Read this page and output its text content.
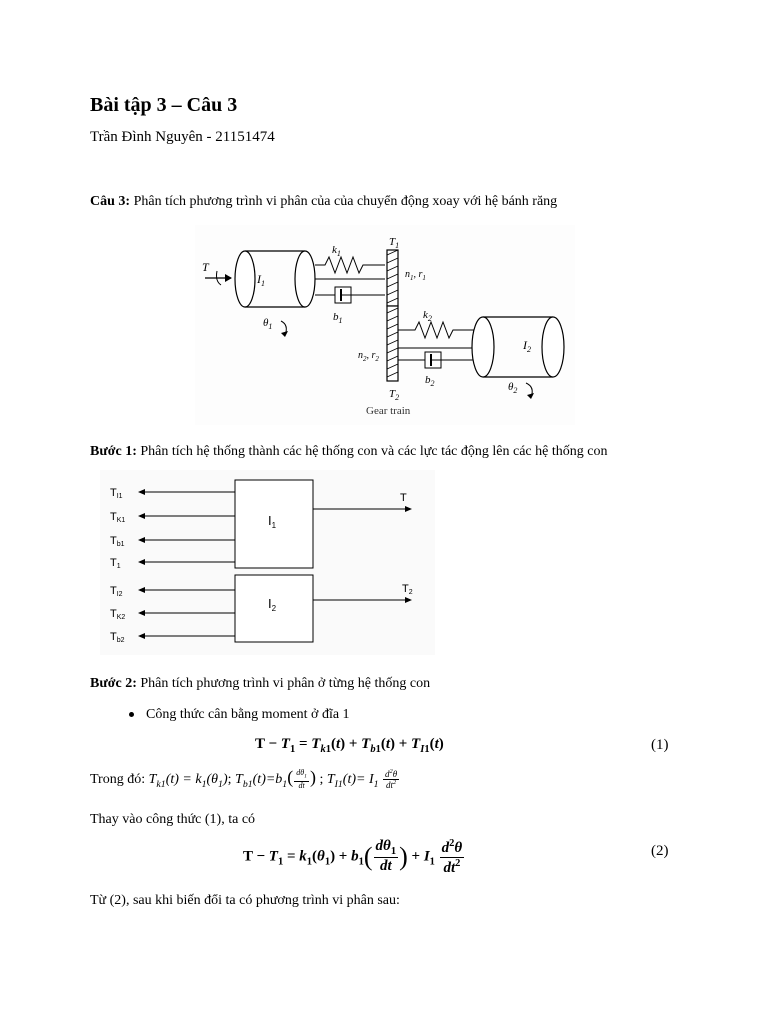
Bài tập 3 – Câu 3
Trần Đình Nguyên - 21151474
Câu 3: Phân tích phương trình vi phân của của chuyển động xoay với hệ bánh răng
T
$I_1$
$\theta_1$
$k_1$
$b_1$
$T_1$
$n_1$, $r_1$
$n_2$, $r_2$
$T_2$
$k_2$
$b_2$
$I_2$
$\theta_2$
Gear train
Bước 1: Phân tích hệ thống thành các hệ thống con và các lực tác động lên các hệ thống con
$I_1$
$I_2$
TI1
TK1
Tb1
T1
TI2
TK2
Tb2
T
T2
Bước 2: Phân tích phương trình vi phân ở từng hệ thống con
Công thức cân bằng moment ở đĩa 1
$T - T_1 = T_{k1}(t) + T_{b1}(t) + T_{I1}(t)$	(1)
Trong đó: $T_{k1}(t) = k_1(\theta_1)$; $T_{b1}(t)=b_1( \frac{d\theta_1}{dt}$ ) ; $T_{I1}(t)= I_1 \frac{d^2\theta}{dt^2}$
Thay vào công thức (1), ta có
$T - T_1 = k_1(\theta_1) + b_1( \frac{d\theta_1}{dt}$ ) + $I_1 \frac{d^2\theta}{dt^2}$	(2)
Từ (2), sau khi biến đổi ta có phương trình vi phân sau:
